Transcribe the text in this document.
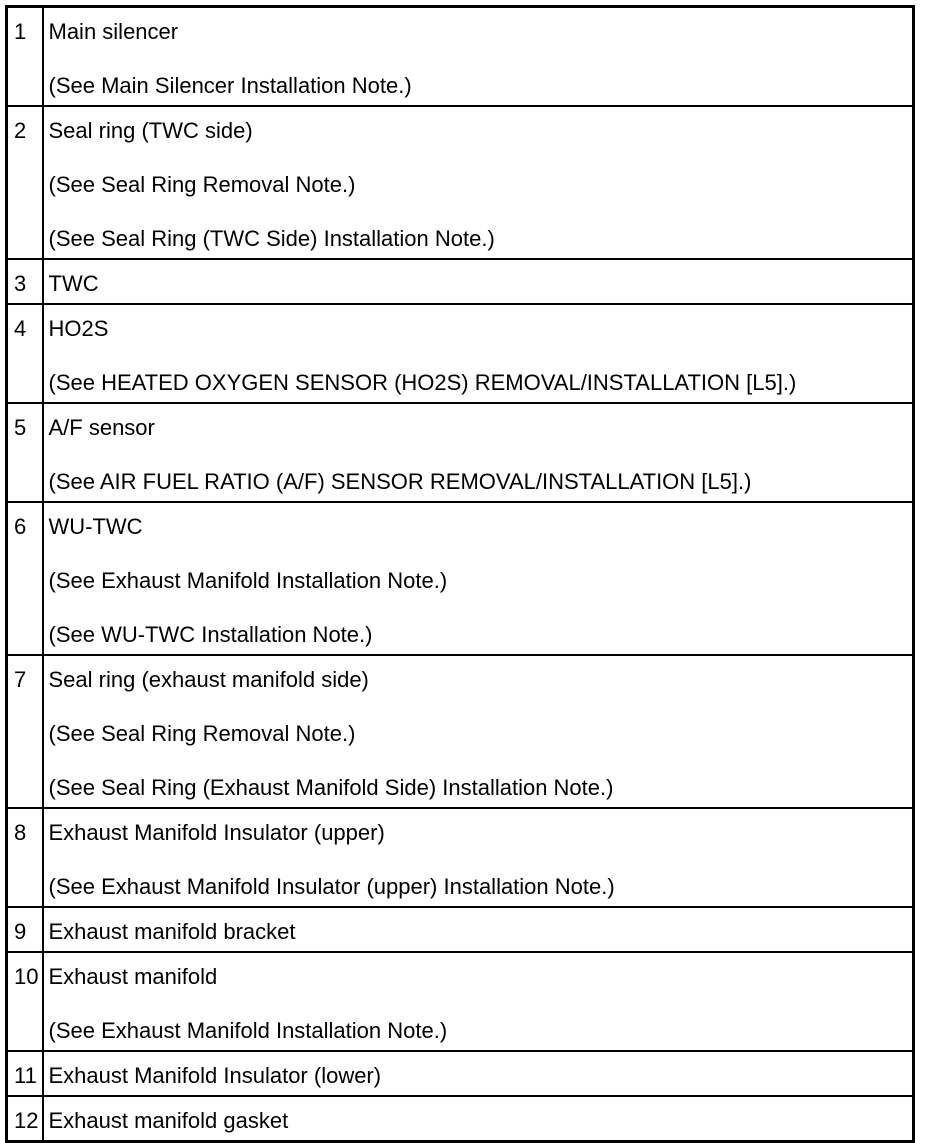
1	Main silencer
(See Main Silencer Installation Note.)

2	Seal ring (TWC side)
(See Seal Ring Removal Note.)
(See Seal Ring (TWC Side) Installation Note.)

3	TWC

4	HO2S
(See HEATED OXYGEN SENSOR (HO2S) REMOVAL/INSTALLATION [L5].)

5	A/F sensor
(See AIR FUEL RATIO (A/F) SENSOR REMOVAL/INSTALLATION [L5].)

6	WU-TWC
(See Exhaust Manifold Installation Note.)
(See WU-TWC Installation Note.)

7	Seal ring (exhaust manifold side)
(See Seal Ring Removal Note.)
(See Seal Ring (Exhaust Manifold Side) Installation Note.)

8	Exhaust Manifold Insulator (upper)
(See Exhaust Manifold Insulator (upper) Installation Note.)

9	Exhaust manifold bracket

10	Exhaust manifold
(See Exhaust Manifold Installation Note.)

11	Exhaust Manifold Insulator (lower)

12	Exhaust manifold gasket
